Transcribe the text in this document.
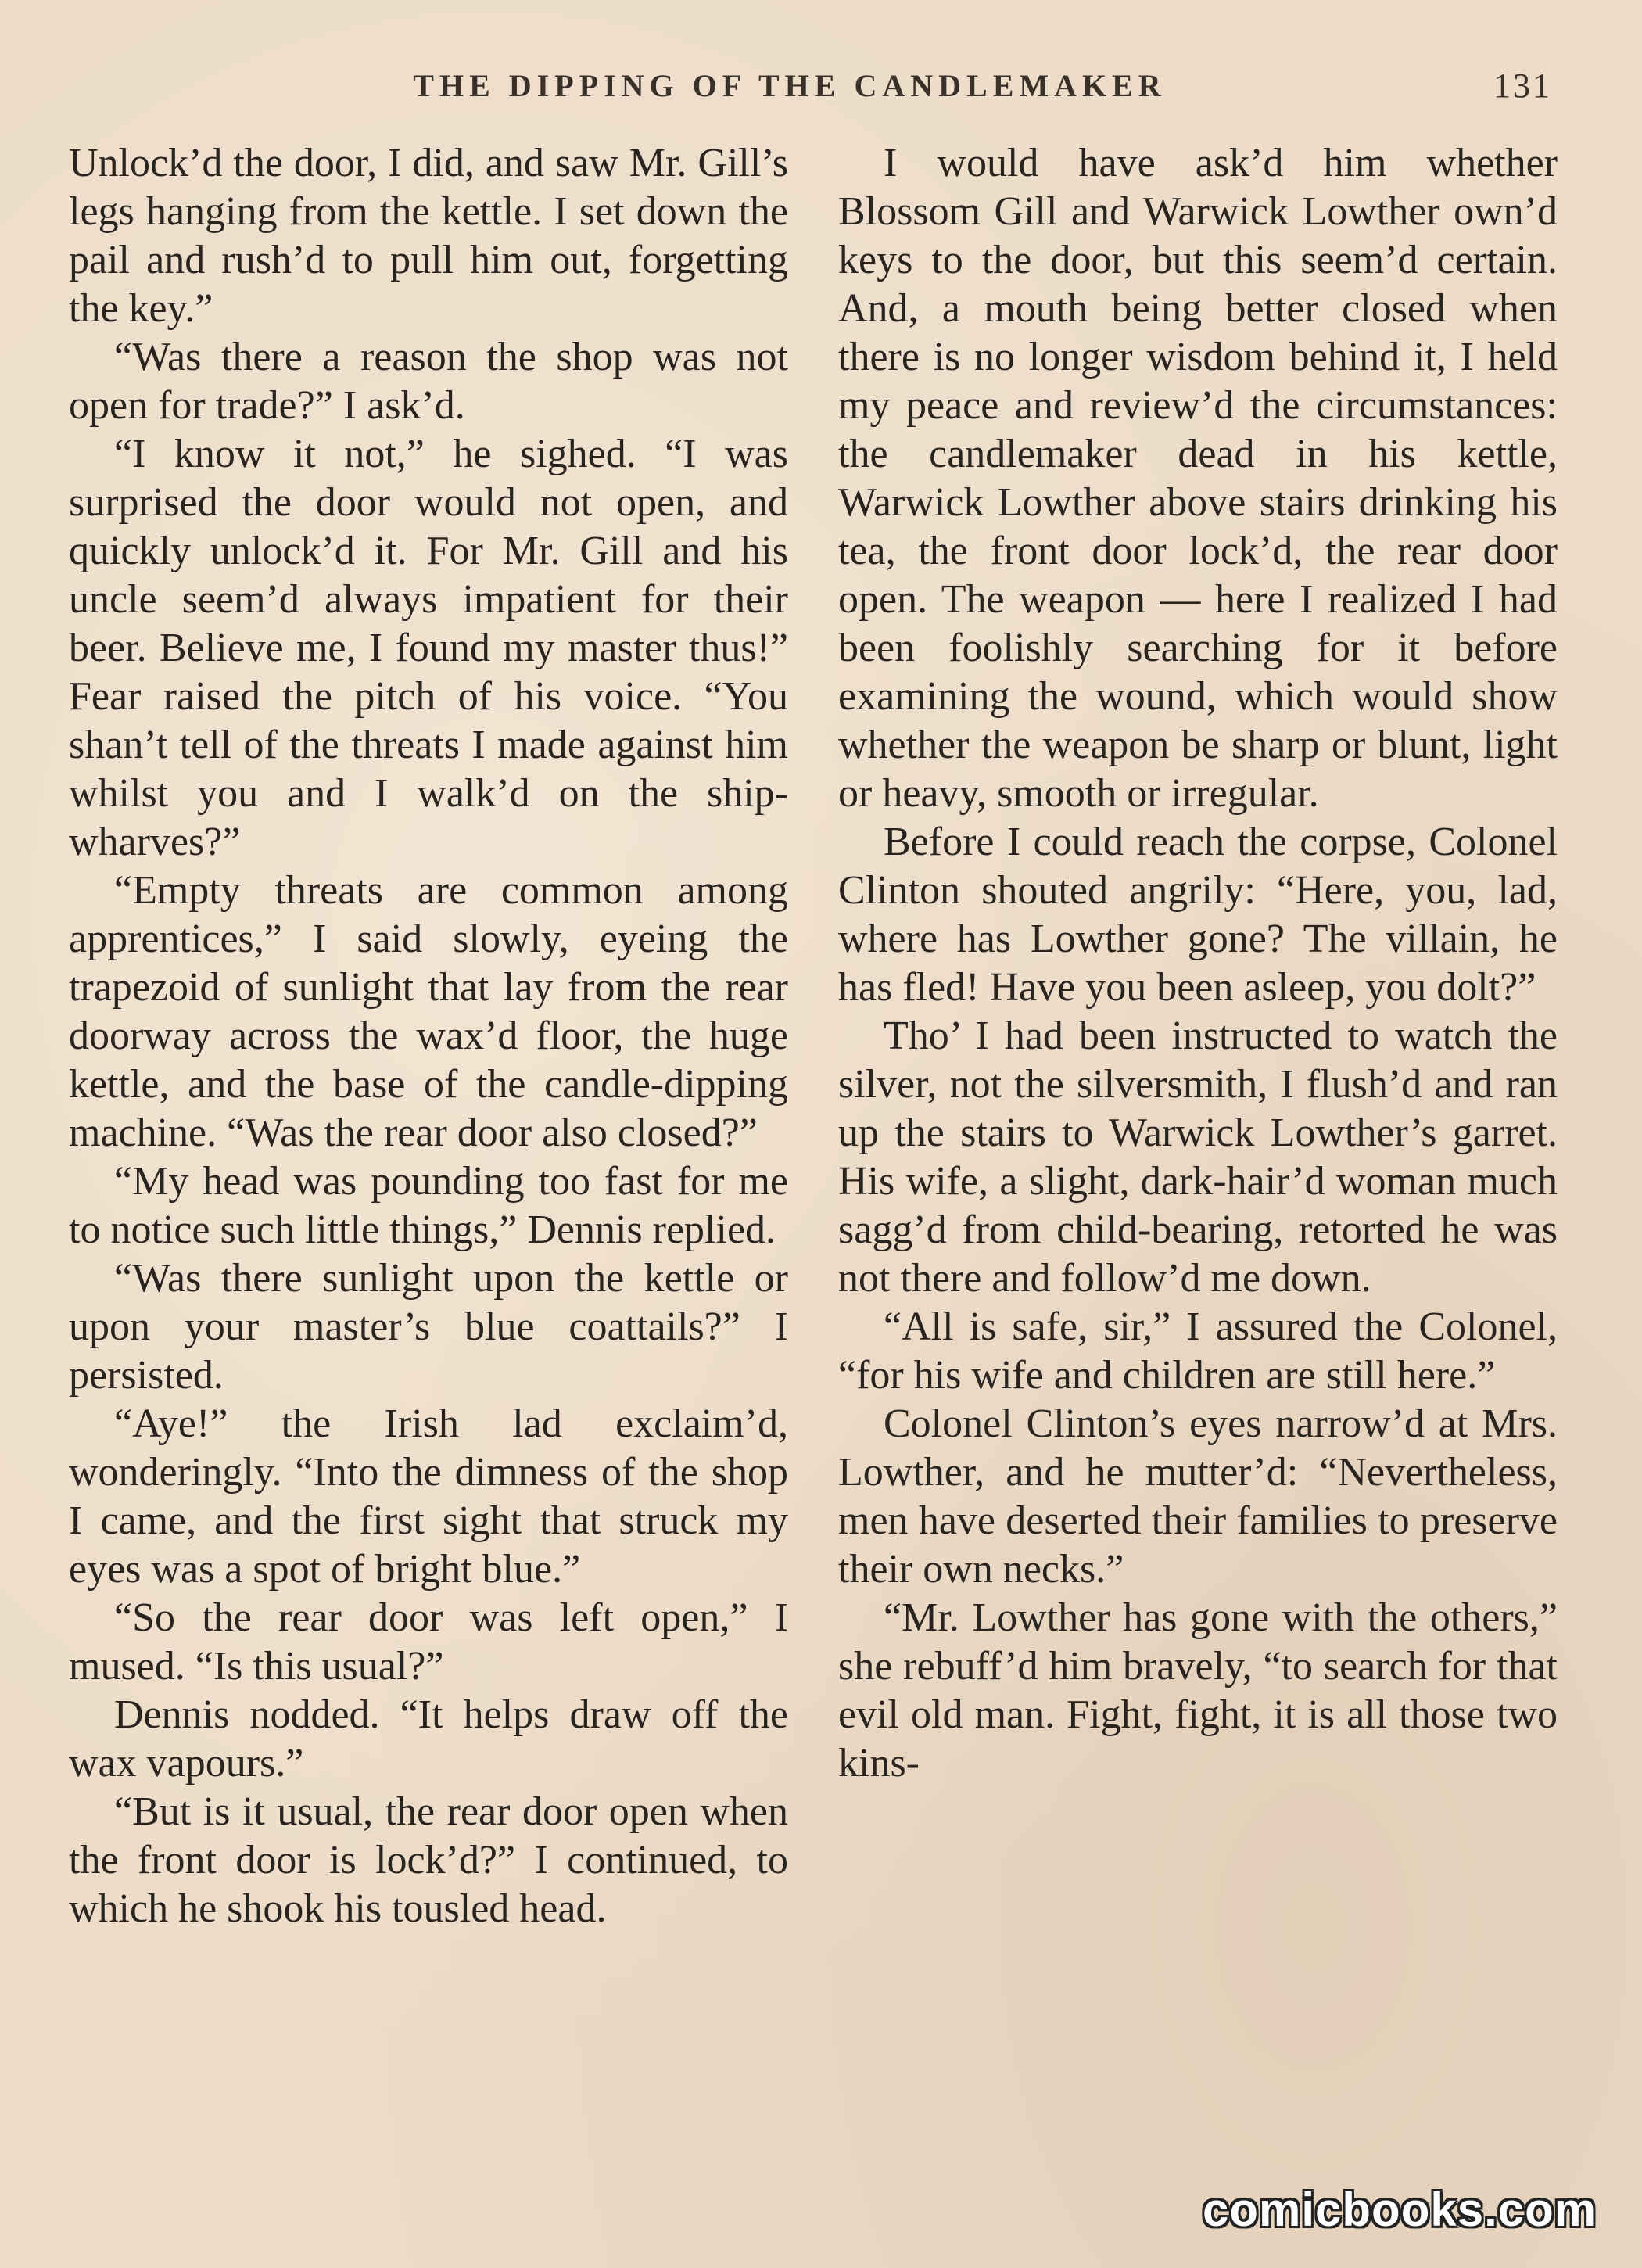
THE DIPPING OF THE CANDLEMAKER	131

Unlock’d the door, I did, and saw Mr. Gill’s legs hanging from the kettle. I set down the pail and rush’d to pull him out, forgetting the key.”

“Was there a reason the shop was not open for trade?” I ask’d.

“I know it not,” he sighed. “I was surprised the door would not open, and quickly unlock’d it. For Mr. Gill and his uncle seem’d always impatient for their beer. Believe me, I found my master thus!” Fear raised the pitch of his voice. “You shan’t tell of the threats I made against him whilst you and I walk’d on the ship-wharves?”

“Empty threats are common among apprentices,” I said slowly, eyeing the trapezoid of sunlight that lay from the rear doorway across the wax’d floor, the huge kettle, and the base of the candle-dipping machine. “Was the rear door also closed?”

“My head was pounding too fast for me to notice such little things,” Dennis replied.

“Was there sunlight upon the kettle or upon your master’s blue coattails?” I persisted.

“Aye!” the Irish lad exclaim’d, wonderingly. “Into the dimness of the shop I came, and the first sight that struck my eyes was a spot of bright blue.”

“So the rear door was left open,” I mused. “Is this usual?”

Dennis nodded. “It helps draw off the wax vapours.”

“But is it usual, the rear door open when the front door is lock’d?” I continued, to which he shook his tousled head.

I would have ask’d him whether Blossom Gill and Warwick Lowther own’d keys to the door, but this seem’d certain. And, a mouth being better closed when there is no longer wisdom behind it, I held my peace and review’d the circumstances: the candlemaker dead in his kettle, Warwick Lowther above stairs drinking his tea, the front door lock’d, the rear door open. The weapon — here I realized I had been foolishly searching for it before examining the wound, which would show whether the weapon be sharp or blunt, light or heavy, smooth or irregular.

Before I could reach the corpse, Colonel Clinton shouted angrily: “Here, you, lad, where has Lowther gone? The villain, he has fled! Have you been asleep, you dolt?”

Tho’ I had been instructed to watch the silver, not the silversmith, I flush’d and ran up the stairs to Warwick Lowther’s garret. His wife, a slight, dark-hair’d woman much sagg’d from child-bearing, retorted he was not there and follow’d me down.

“All is safe, sir,” I assured the Colonel, “for his wife and children are still here.”

Colonel Clinton’s eyes narrow’d at Mrs. Lowther, and he mutter’d: “Nevertheless, men have deserted their families to preserve their own necks.”

“Mr. Lowther has gone with the others,” she rebuff’d him bravely, “to search for that evil old man. Fight, fight, it is all those two kins-

comicbooks.com
